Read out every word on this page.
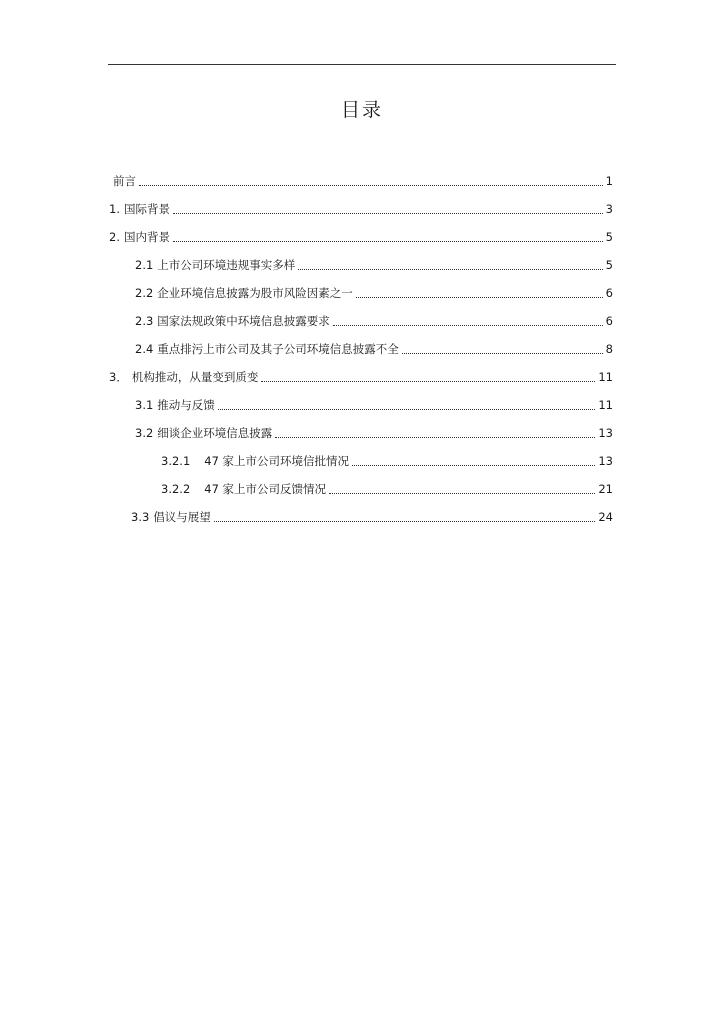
目录
前言	1
1. 国际背景	3
2. 国内背景	5
2.1 上市公司环境违规事实多样	5
2.2 企业环境信息披露为股市风险因素之一	6
2.3 国家法规政策中环境信息披露要求	6
2.4 重点排污上市公司及其子公司环境信息披露不全	8
3． 机构推动，从量变到质变	11
3.1 推动与反馈	11
3.2 细谈企业环境信息披露	13
3.2.1 47 家上市公司环境信批情况	13
3.2.2 47 家上市公司反馈情况	21
3.3 倡议与展望	24
